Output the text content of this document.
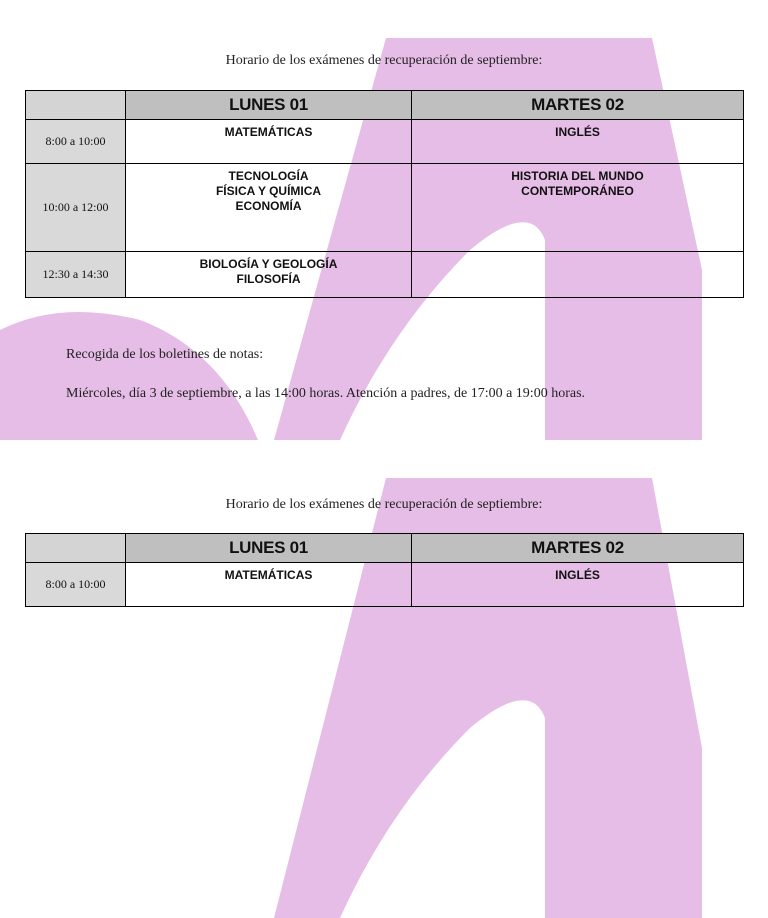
Horario de los exámenes de recuperación de septiembre:
	LUNES 01	MARTES 02
8:00 a 10:00	MATEMÁTICAS	INGLÉS

10:00 a 12:00	TECNOLOGÍA
FÍSICA Y QUÍMICA
ECONOMÍA	HISTORIA DEL MUNDO
CONTEMPORÁNEO

12:30 a 14:30	BIOLOGÍA Y GEOLOGÍA
FILOSOFÍA	

Recogida de los boletines de notas:
Miércoles, día 3 de septiembre, a las 14:00 horas. Atención a padres, de 17:00 a 19:00 horas.
Horario de los exámenes de recuperación de septiembre:
	LUNES 01	MARTES 02
8:00 a 10:00	MATEMÁTICAS	INGLÉS
